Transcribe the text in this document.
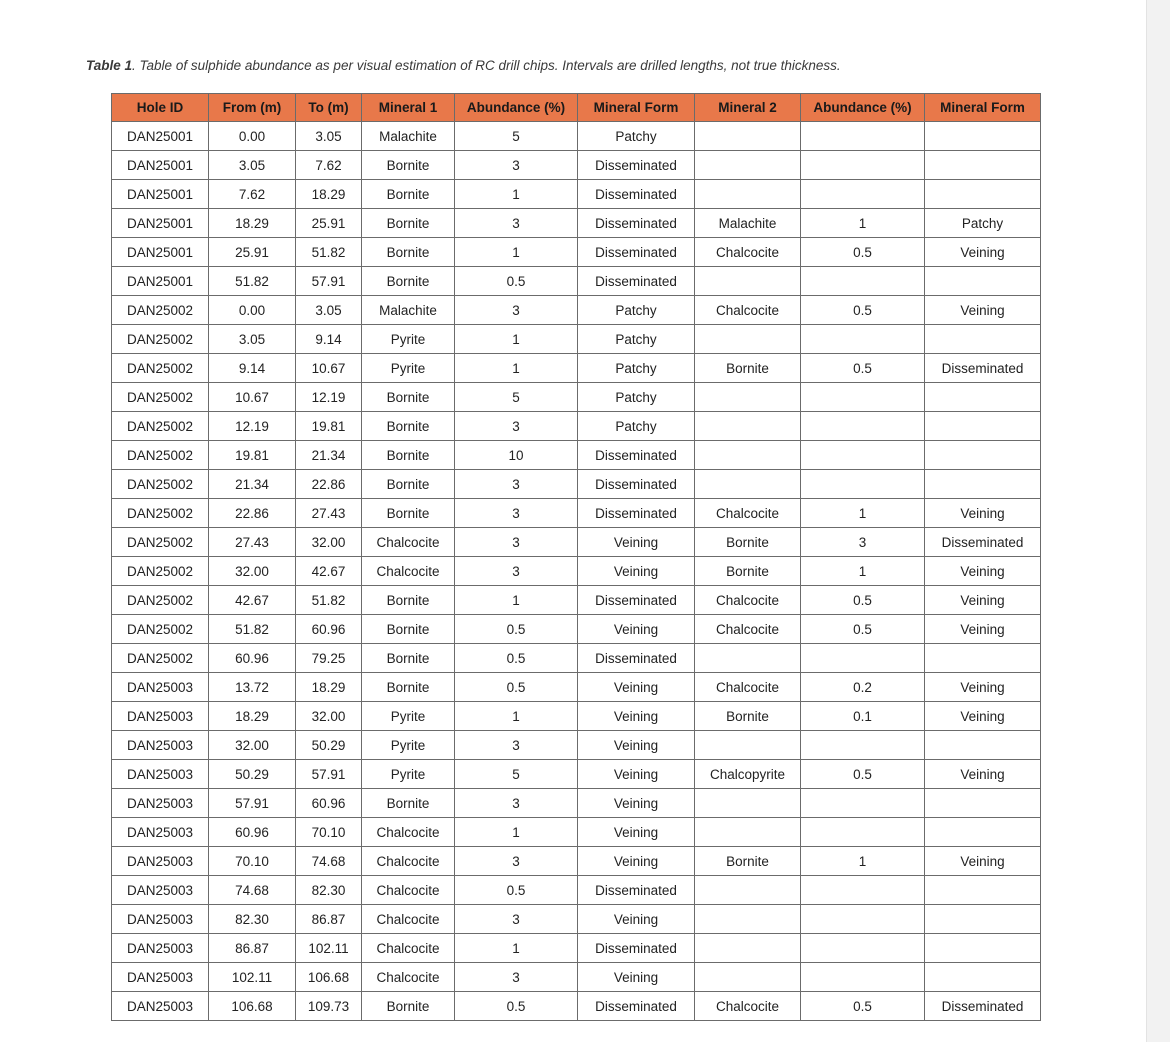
Table 1. Table of sulphide abundance as per visual estimation of RC drill chips. Intervals are drilled lengths, not true thickness.
Hole ID	From (m)	To (m)	Mineral 1	Abundance (%)	Mineral Form	Mineral 2	Abundance (%)	Mineral Form
DAN25001	0.00	3.05	Malachite	5	Patchy			
DAN25001	3.05	7.62	Bornite	3	Disseminated			
DAN25001	7.62	18.29	Bornite	1	Disseminated			
DAN25001	18.29	25.91	Bornite	3	Disseminated	Malachite	1	Patchy
DAN25001	25.91	51.82	Bornite	1	Disseminated	Chalcocite	0.5	Veining
DAN25001	51.82	57.91	Bornite	0.5	Disseminated			
DAN25002	0.00	3.05	Malachite	3	Patchy	Chalcocite	0.5	Veining
DAN25002	3.05	9.14	Pyrite	1	Patchy			
DAN25002	9.14	10.67	Pyrite	1	Patchy	Bornite	0.5	Disseminated
DAN25002	10.67	12.19	Bornite	5	Patchy			
DAN25002	12.19	19.81	Bornite	3	Patchy			
DAN25002	19.81	21.34	Bornite	10	Disseminated			
DAN25002	21.34	22.86	Bornite	3	Disseminated			
DAN25002	22.86	27.43	Bornite	3	Disseminated	Chalcocite	1	Veining
DAN25002	27.43	32.00	Chalcocite	3	Veining	Bornite	3	Disseminated
DAN25002	32.00	42.67	Chalcocite	3	Veining	Bornite	1	Veining
DAN25002	42.67	51.82	Bornite	1	Disseminated	Chalcocite	0.5	Veining
DAN25002	51.82	60.96	Bornite	0.5	Veining	Chalcocite	0.5	Veining
DAN25002	60.96	79.25	Bornite	0.5	Disseminated			
DAN25003	13.72	18.29	Bornite	0.5	Veining	Chalcocite	0.2	Veining
DAN25003	18.29	32.00	Pyrite	1	Veining	Bornite	0.1	Veining
DAN25003	32.00	50.29	Pyrite	3	Veining			
DAN25003	50.29	57.91	Pyrite	5	Veining	Chalcopyrite	0.5	Veining
DAN25003	57.91	60.96	Bornite	3	Veining			
DAN25003	60.96	70.10	Chalcocite	1	Veining			
DAN25003	70.10	74.68	Chalcocite	3	Veining	Bornite	1	Veining
DAN25003	74.68	82.30	Chalcocite	0.5	Disseminated			
DAN25003	82.30	86.87	Chalcocite	3	Veining			
DAN25003	86.87	102.11	Chalcocite	1	Disseminated			
DAN25003	102.11	106.68	Chalcocite	3	Veining			
DAN25003	106.68	109.73	Bornite	0.5	Disseminated	Chalcocite	0.5	Disseminated
